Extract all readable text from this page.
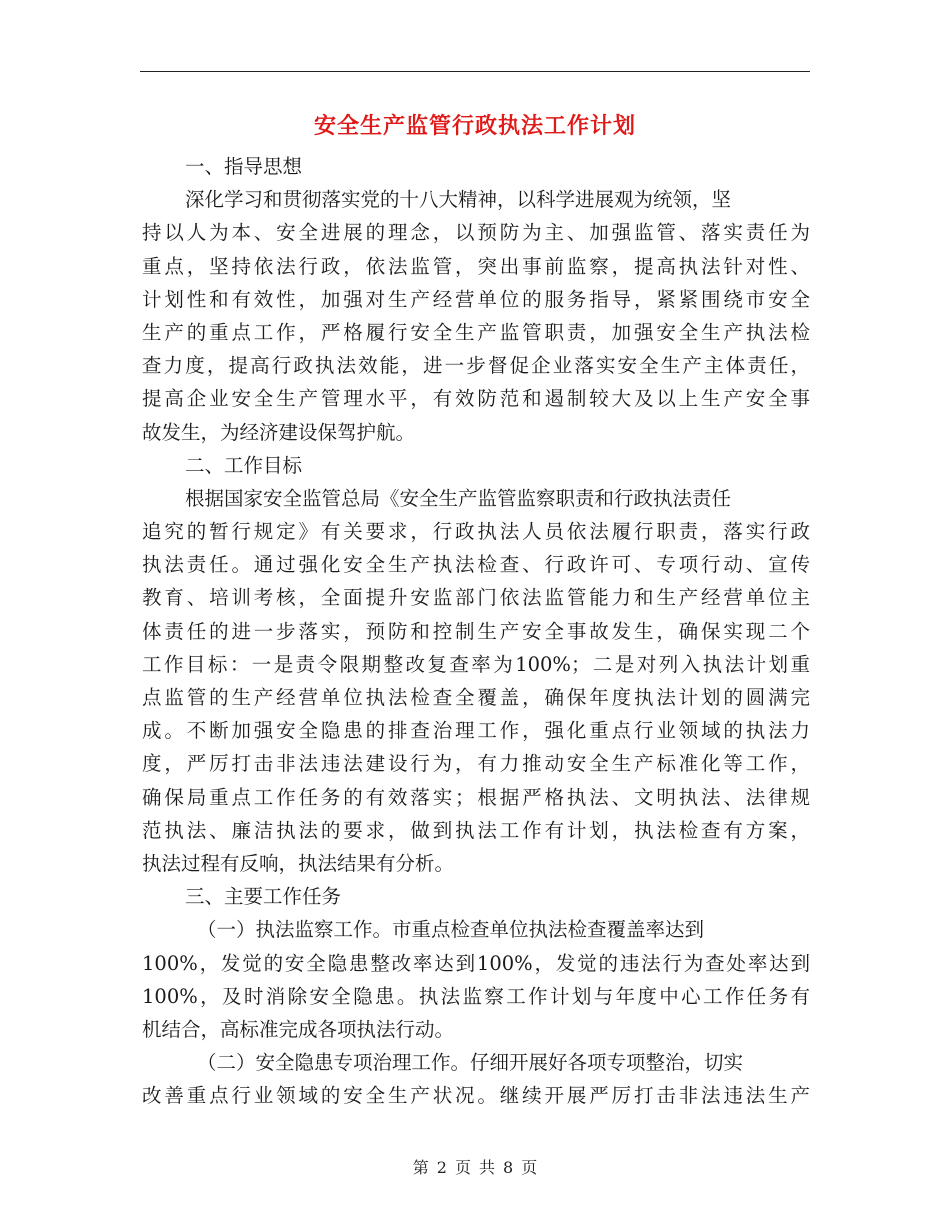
安全生产监管行政执法工作计划
一、指导思想
深化学习和贯彻落实党的十八大精神，以科学进展观为统领，坚
持以人为本、安全进展的理念，以预防为主、加强监管、落实责任为
重点，坚持依法行政，依法监管，突出事前监察，提高执法针对性、
计划性和有效性，加强对生产经营单位的服务指导，紧紧围绕市安全
生产的重点工作，严格履行安全生产监管职责，加强安全生产执法检
查力度，提高行政执法效能，进一步督促企业落实安全生产主体责任，
提高企业安全生产管理水平，有效防范和遏制较大及以上生产安全事
故发生，为经济建设保驾护航。
二、工作目标
根据国家安全监管总局《安全生产监管监察职责和行政执法责任
追究的暂行规定》有关要求，行政执法人员依法履行职责，落实行政
执法责任。通过强化安全生产执法检查、行政许可、专项行动、宣传
教育、培训考核，全面提升安监部门依法监管能力和生产经营单位主
体责任的进一步落实，预防和控制生产安全事故发生，确保实现二个
工作目标：一是责令限期整改复查率为100%；二是对列入执法计划重
点监管的生产经营单位执法检查全覆盖，确保年度执法计划的圆满完
成。不断加强安全隐患的排查治理工作，强化重点行业领域的执法力
度，严厉打击非法违法建设行为，有力推动安全生产标准化等工作，
确保局重点工作任务的有效落实；根据严格执法、文明执法、法律规
范执法、廉洁执法的要求，做到执法工作有计划，执法检查有方案，
执法过程有反响，执法结果有分析。
三、主要工作任务
（一）执法监察工作。市重点检查单位执法检查覆盖率达到
100%，发觉的安全隐患整改率达到100%，发觉的违法行为查处率达到
100%，及时消除安全隐患。执法监察工作计划与年度中心工作任务有
机结合，高标准完成各项执法行动。
（二）安全隐患专项治理工作。仔细开展好各项专项整治，切实
改善重点行业领域的安全生产状况。继续开展严厉打击非法违法生产
第 2 页 共 8 页
